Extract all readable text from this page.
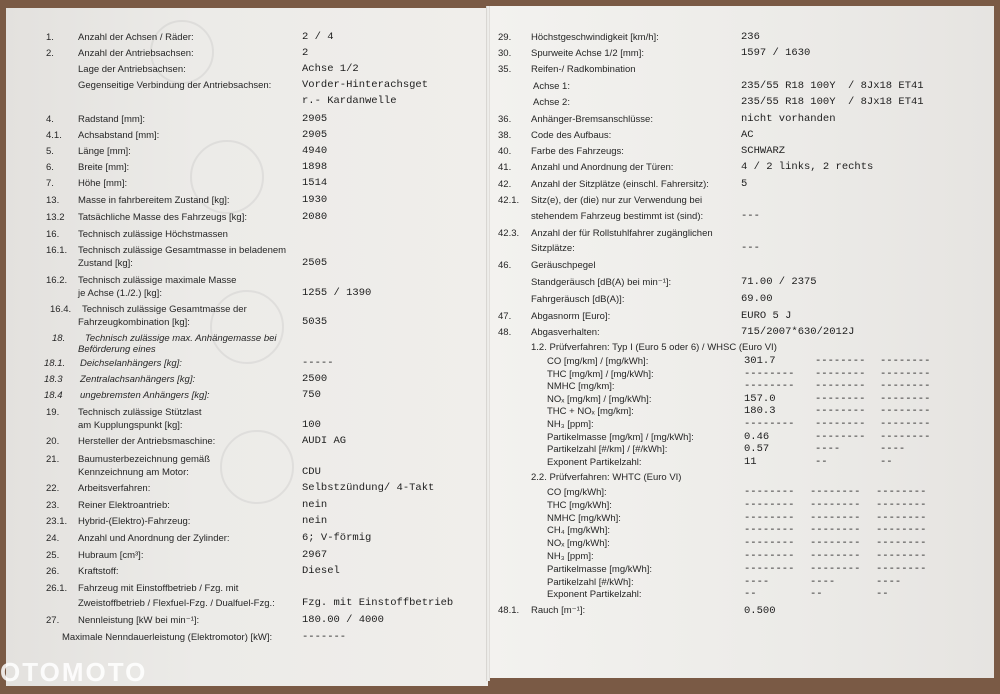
1.	Anzahl der Achsen / Räder:	2 / 4
2.	Anzahl der Antriebsachsen:	2
Lage der Antriebsachsen:	Achse 1/2
Gegenseitige Verbindung der Antriebsachsen:	Vorder-Hinterachsget
r.- Kardanwelle
4.	Radstand [mm]:	2905
4.1. Achsabstand [mm]:	2905
5.	Länge [mm]:	4940
6.	Breite [mm]:	1898
7.	Höhe [mm]:	1514
13. Masse in fahrbereitem Zustand [kg]:	1930
13.2 Tatsächliche Masse des Fahrzeugs [kg]:	2080
16. Technisch zulässige Höchstmassen
16.1. Technisch zulässige Gesamtmasse in beladenem
Zustand [kg]:	2505
16.2. Technisch zulässige maximale Masse
je Achse (1./2.) [kg]:	1255 / 1390
16.4. Technisch zulässige Gesamtmasse der
Fahrzeugkombination [kg]:	5035
18. Technisch zulässige max. Anhängemasse bei
Beförderung eines
18.1. Deichselanhängers [kg]:	-----
18.3 Zentralachsanhängers [kg]:	2500
18.4 ungebremsten Anhängers [kg]:	750
19. Technisch zulässige Stützlast
am Kupplungspunkt [kg]:	100
20. Hersteller der Antriebsmaschine:	AUDI AG
21. Baumusterbezeichnung gemäß
Kennzeichnung am Motor:	CDU
22. Arbeitsverfahren:	Selbstzündung/ 4-Takt
23. Reiner Elektroantrieb:	nein
23.1. Hybrid-(Elektro)-Fahrzeug:	nein
24. Anzahl und Anordnung der Zylinder:	6; V-förmig
25. Hubraum [cm³]:	2967
26. Kraftstoff:	Diesel
26.1. Fahrzeug mit Einstoffbetrieb / Fzg. mit
Zweistoffbetrieb / Flexfuel-Fzg. / Dualfuel-Fzg.:	Fzg. mit Einstoffbetrieb
27. Nennleistung [kW bei min⁻¹]:	180.00 / 4000
Maximale Nenndauerleistung (Elektromotor) [kW]:	-------
29. Höchstgeschwindigkeit [km/h]:	236
30. Spurweite Achse 1/2 [mm]:	1597 / 1630
35. Reifen-/ Radkombination
Achse 1:	235/55 R18 100Y / 8Jx18 ET41
Achse 2:	235/55 R18 100Y / 8Jx18 ET41
36. Anhänger-Bremsanschlüsse:	nicht vorhanden
38. Code des Aufbaus:	AC
40. Farbe des Fahrzeugs:	SCHWARZ
41. Anzahl und Anordnung der Türen:	4 / 2 links, 2 rechts
42. Anzahl der Sitzplätze (einschl. Fahrersitz):	5
42.1. Sitz(e), der (die) nur zur Verwendung bei
stehendem Fahrzeug bestimmt ist (sind):	---
42.3. Anzahl der für Rollstuhlfahrer zugänglichen
Sitzplätze:	---
46. Geräuschpegel
Standgeräusch [dB(A) bei min⁻¹]:	71.00 / 2375
Fahrgeräusch [dB(A)]:	69.00
47. Abgasnorm [Euro]:	EURO 5 J
48. Abgasverhalten:	715/2007*630/2012J
1.2. Prüfverfahren: Typ I (Euro 5 oder 6) / WHSC (Euro VI)
CO [mg/km] / [mg/kWh]:	301.7	-------- --------
THC [mg/km] / [mg/kWh]:	-------- -------- --------
NMHC [mg/km]:	-------- -------- --------
NOₓ [mg/km] / [mg/kWh]:	157.0	-------- --------
THC + NOₓ [mg/km]:	180.3	-------- --------
NH₃ [ppm]:	-------- -------- --------
Partikelmasse [mg/km] / [mg/kWh]:	0.46	-------- --------
Partikelzahl [#/km] / [#/kWh]:	0.57	----	----
Exponent Partikelzahl:	11	--	--
2.2. Prüfverfahren: WHTC (Euro VI)
CO [mg/kWh]:	-------- -------- --------
THC [mg/kWh]:	-------- -------- --------
NMHC [mg/kWh]:	-------- -------- --------
CH₄ [mg/kWh]:	-------- -------- --------
NOₓ [mg/kWh]:	-------- -------- --------
NH₃ [ppm]:	-------- -------- --------
Partikelmasse [mg/kWh]:	-------- -------- --------
Partikelzahl [#/kWh]:	----	----	----
Exponent Partikelzahl:	--	--	--
48.1. Rauch [m⁻¹]:	0.500
OTOMOTO
